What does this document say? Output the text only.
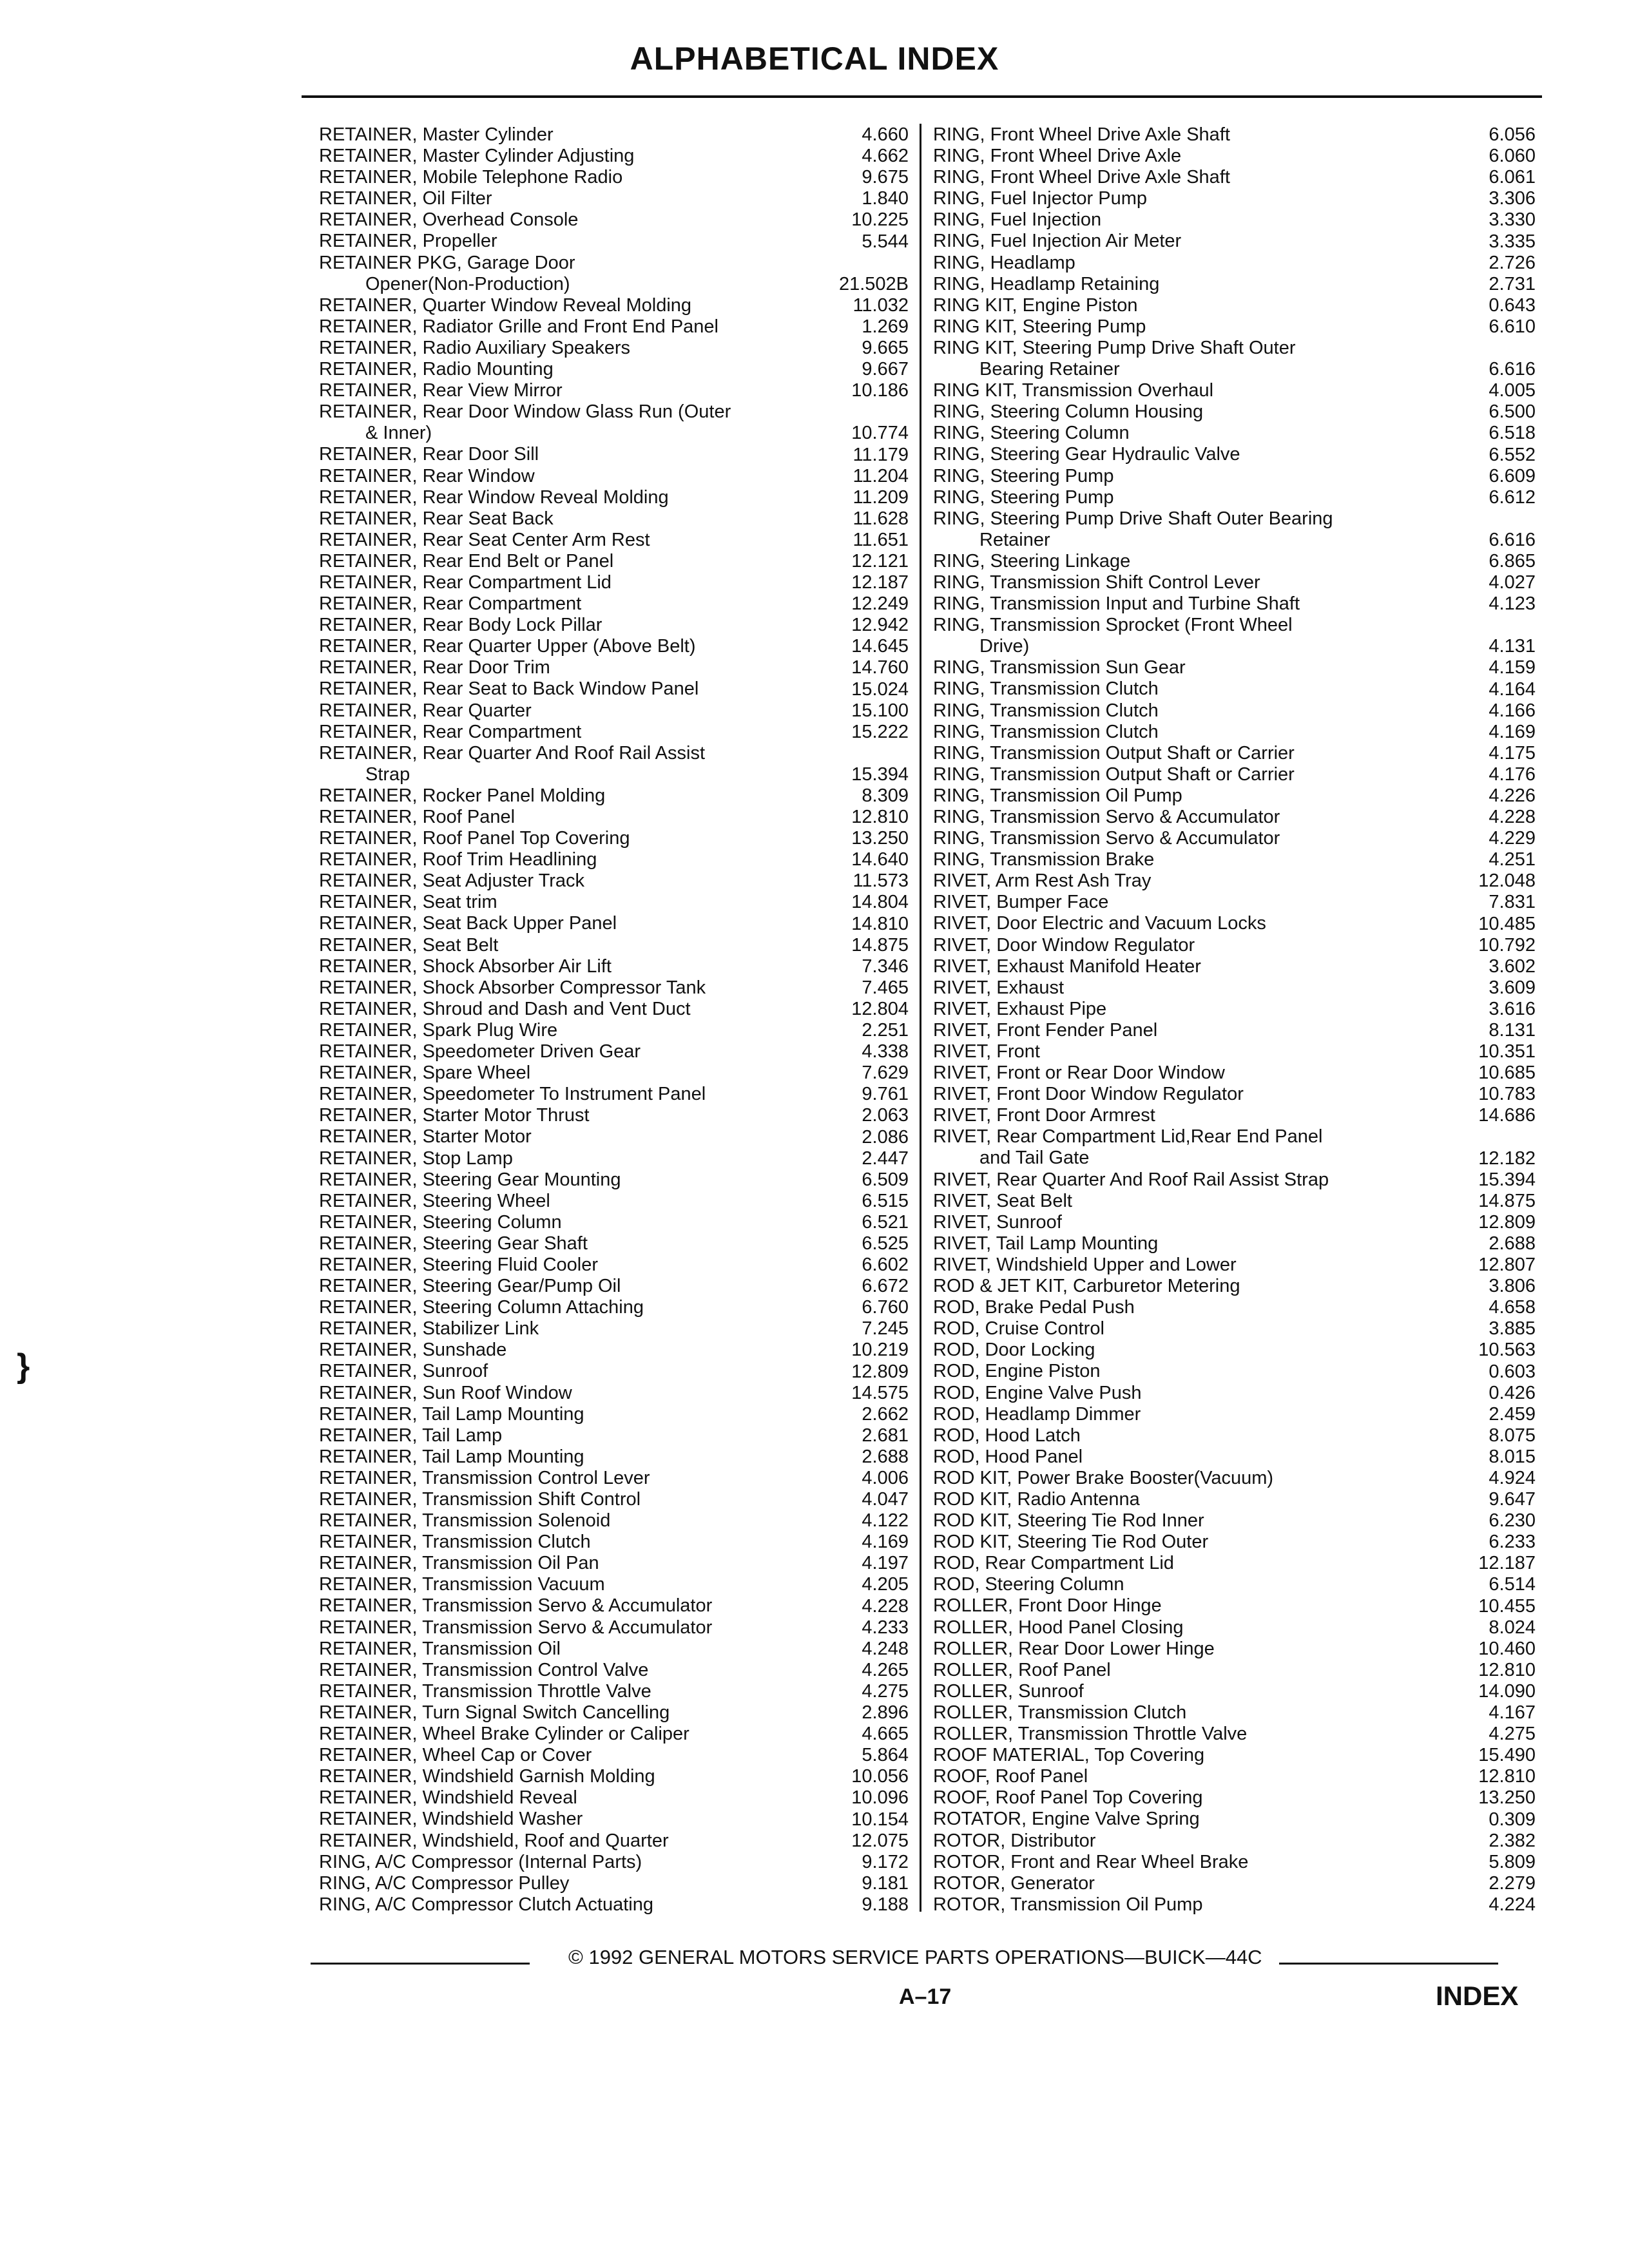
ALPHABETICAL INDEX
RETAINER, Master Cylinder	4.660
RETAINER, Master Cylinder Adjusting	4.662
RETAINER, Mobile Telephone Radio	9.675
RETAINER, Oil Filter	1.840
RETAINER, Overhead Console	10.225
RETAINER, Propeller	5.544
RETAINER PKG, Garage Door
Opener(Non-Production)	21.502B
RETAINER, Quarter Window Reveal Molding	11.032
RETAINER, Radiator Grille and Front End Panel	1.269
RETAINER, Radio Auxiliary Speakers	9.665
RETAINER, Radio Mounting	9.667
RETAINER, Rear View Mirror	10.186
RETAINER, Rear Door Window Glass Run (Outer
& Inner)	10.774
RETAINER, Rear Door Sill	11.179
RETAINER, Rear Window	11.204
RETAINER, Rear Window Reveal Molding	11.209
RETAINER, Rear Seat Back	11.628
RETAINER, Rear Seat Center Arm Rest	11.651
RETAINER, Rear End Belt or Panel	12.121
RETAINER, Rear Compartment Lid	12.187
RETAINER, Rear Compartment	12.249
RETAINER, Rear Body Lock Pillar	12.942
RETAINER, Rear Quarter Upper (Above Belt)	14.645
RETAINER, Rear Door Trim	14.760
RETAINER, Rear Seat to Back Window Panel	15.024
RETAINER, Rear Quarter	15.100
RETAINER, Rear Compartment	15.222
RETAINER, Rear Quarter And Roof Rail Assist
Strap	15.394
RETAINER, Rocker Panel Molding	8.309
RETAINER, Roof Panel	12.810
RETAINER, Roof Panel Top Covering	13.250
RETAINER, Roof Trim Headlining	14.640
RETAINER, Seat Adjuster Track	11.573
RETAINER, Seat trim	14.804
RETAINER, Seat Back Upper Panel	14.810
RETAINER, Seat Belt	14.875
RETAINER, Shock Absorber Air Lift	7.346
RETAINER, Shock Absorber Compressor Tank	7.465
RETAINER, Shroud and Dash and Vent Duct	12.804
RETAINER, Spark Plug Wire	2.251
RETAINER, Speedometer Driven Gear	4.338
RETAINER, Spare Wheel	7.629
RETAINER, Speedometer To Instrument Panel	9.761
RETAINER, Starter Motor Thrust	2.063
RETAINER, Starter Motor	2.086
RETAINER, Stop Lamp	2.447
RETAINER, Steering Gear Mounting	6.509
RETAINER, Steering Wheel	6.515
RETAINER, Steering Column	6.521
RETAINER, Steering Gear Shaft	6.525
RETAINER, Steering Fluid Cooler	6.602
RETAINER, Steering Gear/Pump Oil	6.672
RETAINER, Steering Column Attaching	6.760
RETAINER, Stabilizer Link	7.245
RETAINER, Sunshade	10.219
RETAINER, Sunroof	12.809
RETAINER, Sun Roof Window	14.575
RETAINER, Tail Lamp Mounting	2.662
RETAINER, Tail Lamp	2.681
RETAINER, Tail Lamp Mounting	2.688
RETAINER, Transmission Control Lever	4.006
RETAINER, Transmission Shift Control	4.047
RETAINER, Transmission Solenoid	4.122
RETAINER, Transmission Clutch	4.169
RETAINER, Transmission Oil Pan	4.197
RETAINER, Transmission Vacuum	4.205
RETAINER, Transmission Servo & Accumulator	4.228
RETAINER, Transmission Servo & Accumulator	4.233
RETAINER, Transmission Oil	4.248
RETAINER, Transmission Control Valve	4.265
RETAINER, Transmission Throttle Valve	4.275
RETAINER, Turn Signal Switch Cancelling	2.896
RETAINER, Wheel Brake Cylinder or Caliper	4.665
RETAINER, Wheel Cap or Cover	5.864
RETAINER, Windshield Garnish Molding	10.056
RETAINER, Windshield Reveal	10.096
RETAINER, Windshield Washer	10.154
RETAINER, Windshield, Roof and Quarter	12.075
RING, A/C Compressor (Internal Parts)	9.172
RING, A/C Compressor Pulley	9.181
RING, A/C Compressor Clutch Actuating	9.188
RING, Front Wheel Drive Axle Shaft	6.056
RING, Front Wheel Drive Axle	6.060
RING, Front Wheel Drive Axle Shaft	6.061
RING, Fuel Injector Pump	3.306
RING, Fuel Injection	3.330
RING, Fuel Injection Air Meter	3.335
RING, Headlamp	2.726
RING, Headlamp Retaining	2.731
RING KIT, Engine Piston	0.643
RING KIT, Steering Pump	6.610
RING KIT, Steering Pump Drive Shaft Outer
Bearing Retainer	6.616
RING KIT, Transmission Overhaul	4.005
RING, Steering Column Housing	6.500
RING, Steering Column	6.518
RING, Steering Gear Hydraulic Valve	6.552
RING, Steering Pump	6.609
RING, Steering Pump	6.612
RING, Steering Pump Drive Shaft Outer Bearing
Retainer	6.616
RING, Steering Linkage	6.865
RING, Transmission Shift Control Lever	4.027
RING, Transmission Input and Turbine Shaft	4.123
RING, Transmission Sprocket (Front Wheel
Drive)	4.131
RING, Transmission Sun Gear	4.159
RING, Transmission Clutch	4.164
RING, Transmission Clutch	4.166
RING, Transmission Clutch	4.169
RING, Transmission Output Shaft or Carrier	4.175
RING, Transmission Output Shaft or Carrier	4.176
RING, Transmission Oil Pump	4.226
RING, Transmission Servo & Accumulator	4.228
RING, Transmission Servo & Accumulator	4.229
RING, Transmission Brake	4.251
RIVET, Arm Rest Ash Tray	12.048
RIVET, Bumper Face	7.831
RIVET, Door Electric and Vacuum Locks	10.485
RIVET, Door Window Regulator	10.792
RIVET, Exhaust Manifold Heater	3.602
RIVET, Exhaust	3.609
RIVET, Exhaust Pipe	3.616
RIVET, Front Fender Panel	8.131
RIVET, Front	10.351
RIVET, Front or Rear Door Window	10.685
RIVET, Front Door Window Regulator	10.783
RIVET, Front Door Armrest	14.686
RIVET, Rear Compartment Lid,Rear End Panel
and Tail Gate	12.182
RIVET, Rear Quarter And Roof Rail Assist Strap	15.394
RIVET, Seat Belt	14.875
RIVET, Sunroof	12.809
RIVET, Tail Lamp Mounting	2.688
RIVET, Windshield Upper and Lower	12.807
ROD & JET KIT, Carburetor Metering	3.806
ROD, Brake Pedal Push	4.658
ROD, Cruise Control	3.885
ROD, Door Locking	10.563
ROD, Engine Piston	0.603
ROD, Engine Valve Push	0.426
ROD, Headlamp Dimmer	2.459
ROD, Hood Latch	8.075
ROD, Hood Panel	8.015
ROD KIT, Power Brake Booster(Vacuum)	4.924
ROD KIT, Radio Antenna	9.647
ROD KIT, Steering Tie Rod Inner	6.230
ROD KIT, Steering Tie Rod Outer	6.233
ROD, Rear Compartment Lid	12.187
ROD, Steering Column	6.514
ROLLER, Front Door Hinge	10.455
ROLLER, Hood Panel Closing	8.024
ROLLER, Rear Door Lower Hinge	10.460
ROLLER, Roof Panel	12.810
ROLLER, Sunroof	14.090
ROLLER, Transmission Clutch	4.167
ROLLER, Transmission Throttle Valve	4.275
ROOF MATERIAL, Top Covering	15.490
ROOF, Roof Panel	12.810
ROOF, Roof Panel Top Covering	13.250
ROTATOR, Engine Valve Spring	0.309
ROTOR, Distributor	2.382
ROTOR, Front and Rear Wheel Brake	5.809
ROTOR, Generator	2.279
ROTOR, Transmission Oil Pump	4.224
}
© 1992 GENERAL MOTORS SERVICE PARTS OPERATIONS—BUICK—44C
A–17	INDEX
